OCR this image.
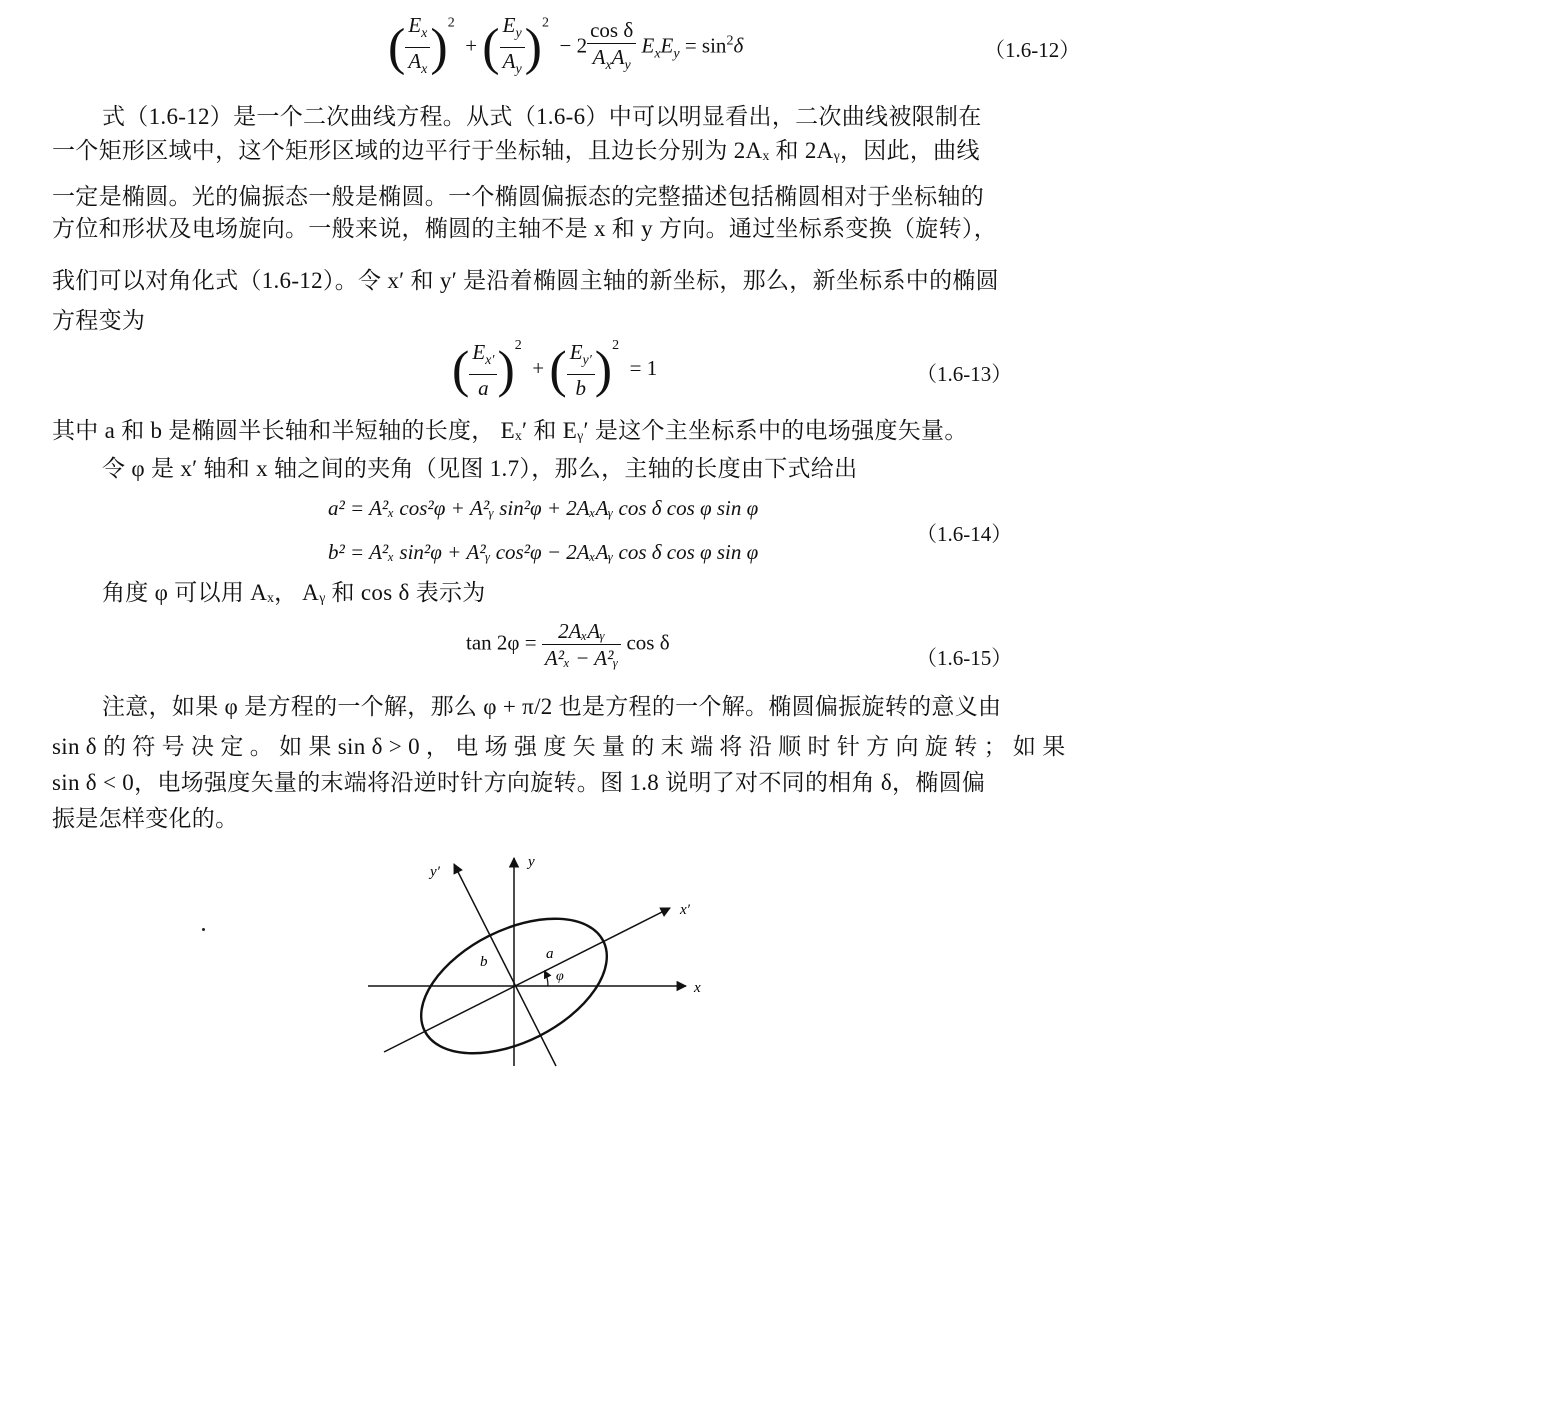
( $\frac{E_x}{A_x} )^2$  + ( $\frac{E_y}{A_y} )^2 - 2 \frac{\text{cos δ}}{A_xA_y} E_xE_y = \sin^2\delta$	（1.6-12）
式（1.6-12）是一个二次曲线方程。从式（1.6-6）中可以明显看出，二次曲线被限制在
一个矩形区域中，这个矩形区域的边平行于坐标轴，且边长分别为 2Aₓ 和 2Aᵧ，因此，曲线
一定是椭圆。光的偏振态一般是椭圆。一个椭圆偏振态的完整描述包括椭圆相对于坐标轴的
方位和形状及电场旋向。一般来说，椭圆的主轴不是 x 和 y 方向。通过坐标系变换（旋转），
我们可以对角化式（1.6-12）。令 x′ 和 y′ 是沿着椭圆主轴的新坐标，那么，新坐标系中的椭圆
方程变为
( $\frac{E_{x'}}{a} )^2$  + ( $\frac{E_{y'}}{b} )^2 = 1$	（1.6-13）
其中 a 和 b 是椭圆半长轴和半短轴的长度， Eₓ′ 和 Eᵧ′ 是这个主坐标系中的电场强度矢量。
令 φ 是 x′ 轴和 x 轴之间的夹角（见图 1.7），那么，主轴的长度由下式给出
a² = A²ₓ cos²φ + A²ᵧ sin²φ + 2AₓAᵧ cos δ cos φ sin φ
b² = A²ₓ sin²φ + A²ᵧ cos²φ − 2AₓAᵧ cos δ cos φ sin φ
（1.6-14）
角度 φ 可以用 Aₓ， Aᵧ 和 cos δ 表示为
$\tan 2\varphi = \frac{\text{2AₓAᵧ}}{\text{A²ₓ − A²ᵧ}}$ cos δ
（1.6-15）
注意，如果 φ 是方程的一个解，那么 φ + π/2 也是方程的一个解。椭圆偏振旋转的意义由
sin δ 的 符 号 决 定 。 如 果 sin δ > 0 ， 电 场 强 度 矢 量 的 末 端 将 沿 顺 时 针 方 向 旋 转 ； 如 果
sin δ < 0，电场强度矢量的末端将沿逆时针方向旋转。图 1.8 说明了对不同的相角 δ，椭圆偏
振是怎样变化的。
y′
y
x′
x
a
b
φ
